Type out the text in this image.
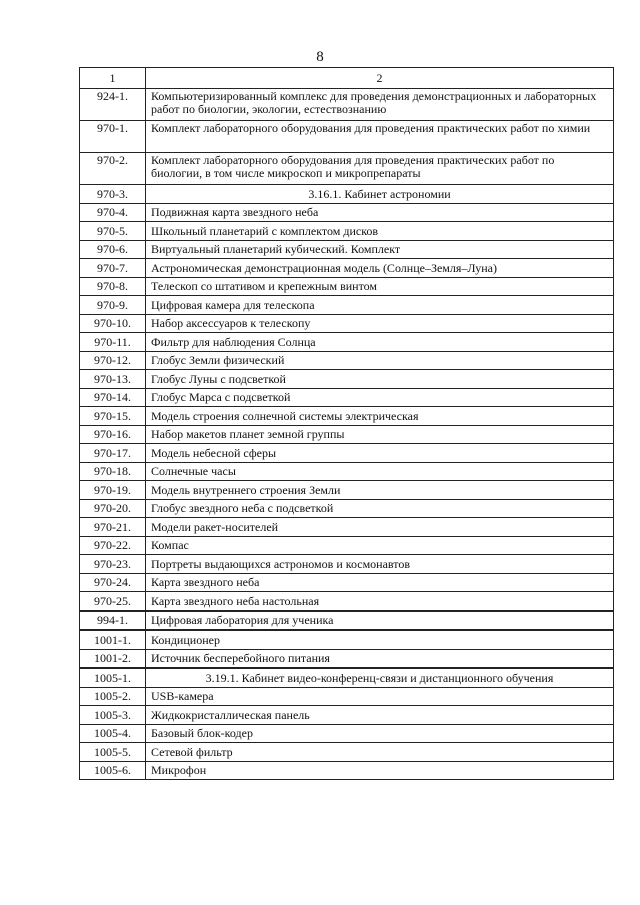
8
1	2
924-1.	Компьютеризированный комплекс для проведения демонстрационных и лабораторных работ по биологии, экологии, естествознанию
970-1.	Комплект лабораторного оборудования для проведения практических работ по химии
970-2.	Комплект лабораторного оборудования для проведения практических работ по биологии, в том числе микроскоп и микропрепараты
970-3.	3.16.1. Кабинет астрономии
970-4.	Подвижная карта звездного неба
970-5.	Школьный планетарий с комплектом дисков
970-6.	Виртуальный планетарий кубический. Комплект
970-7.	Астрономическая демонстрационная модель (Солнце–Земля–Луна)
970-8.	Телескоп со штативом и крепежным винтом
970-9.	Цифровая камера для телескопа
970-10.	Набор аксессуаров к телескопу
970-11.	Фильтр для наблюдения Солнца
970-12.	Глобус Земли физический
970-13.	Глобус Луны с подсветкой
970-14.	Глобус Марса с подсветкой
970-15.	Модель строения солнечной системы электрическая
970-16.	Набор макетов планет земной группы
970-17.	Модель небесной сферы
970-18.	Солнечные часы
970-19.	Модель внутреннего строения Земли
970-20.	Глобус звездного неба с подсветкой
970-21.	Модели ракет-носителей
970-22.	Компас
970-23.	Портреты выдающихся астрономов и космонавтов
970-24.	Карта звездного неба
970-25.	Карта звездного неба настольная
994-1.	Цифровая лаборатория для ученика
1001-1.	Кондиционер
1001-2.	Источник бесперебойного питания
1005-1.	3.19.1. Кабинет видео-конференц-связи и дистанционного обучения
1005-2.	USB-камера
1005-3.	Жидкокристаллическая панель
1005-4.	Базовый блок-кодер
1005-5.	Сетевой фильтр
1005-6.	Микрофон
